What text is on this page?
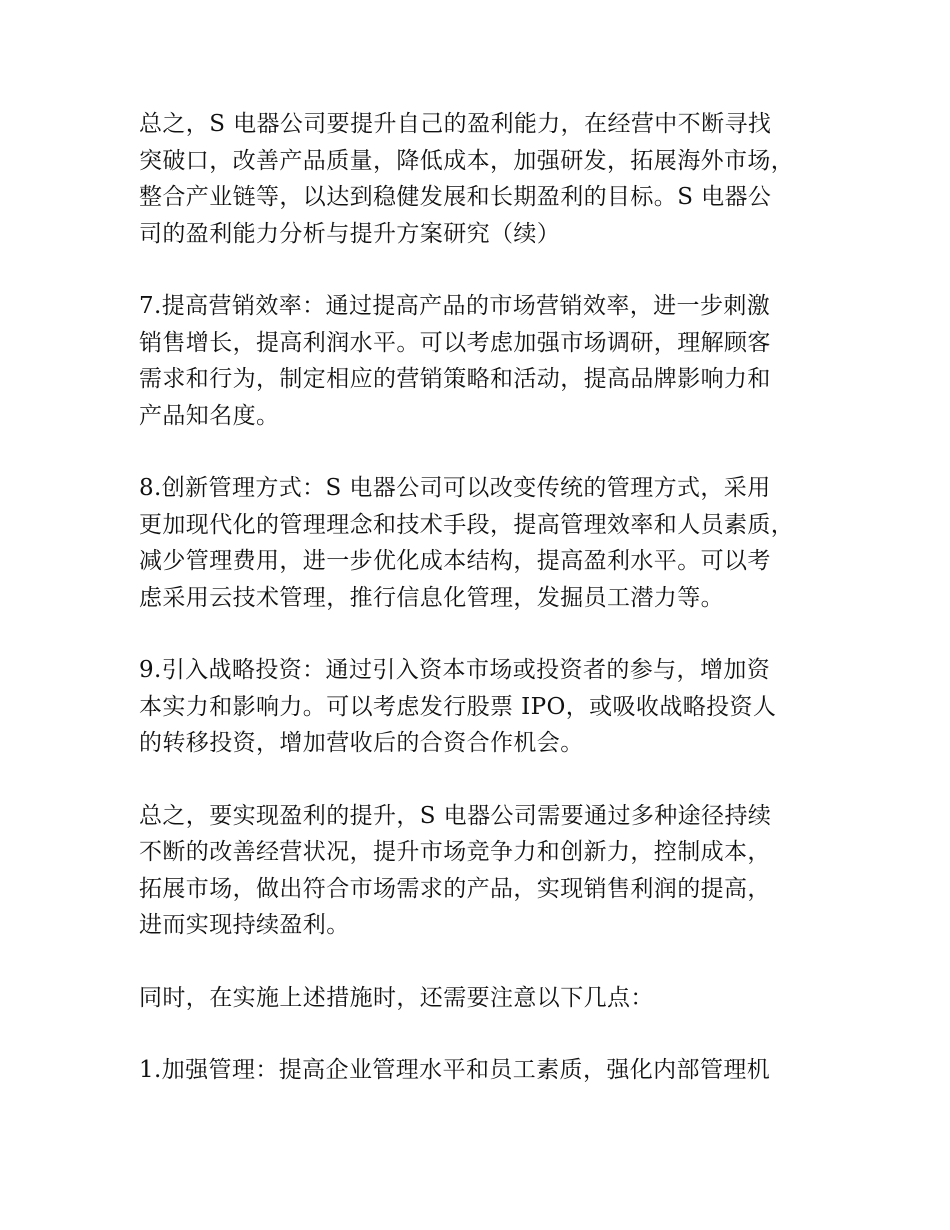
总之，S 电器公司要提升自己的盈利能力，在经营中不断寻找
突破口，改善产品质量，降低成本，加强研发，拓展海外市场，
整合产业链等，以达到稳健发展和长期盈利的目标。S 电器公
司的盈利能力分析与提升方案研究（续）
7.提高营销效率：通过提高产品的市场营销效率，进一步刺激
销售增长，提高利润水平。可以考虑加强市场调研，理解顾客
需求和行为，制定相应的营销策略和活动，提高品牌影响力和
产品知名度。
8.创新管理方式：S 电器公司可以改变传统的管理方式，采用
更加现代化的管理理念和技术手段，提高管理效率和人员素质，
减少管理费用，进一步优化成本结构，提高盈利水平。可以考
虑采用云技术管理，推行信息化管理，发掘员工潜力等。
9.引入战略投资：通过引入资本市场或投资者的参与，增加资
本实力和影响力。可以考虑发行股票 IPO，或吸收战略投资人
的转移投资，增加营收后的合资合作机会。
总之，要实现盈利的提升，S 电器公司需要通过多种途径持续
不断的改善经营状况，提升市场竞争力和创新力，控制成本，
拓展市场，做出符合市场需求的产品，实现销售利润的提高，
进而实现持续盈利。
同时，在实施上述措施时，还需要注意以下几点：
1.加强管理：提高企业管理水平和员工素质，强化内部管理机
